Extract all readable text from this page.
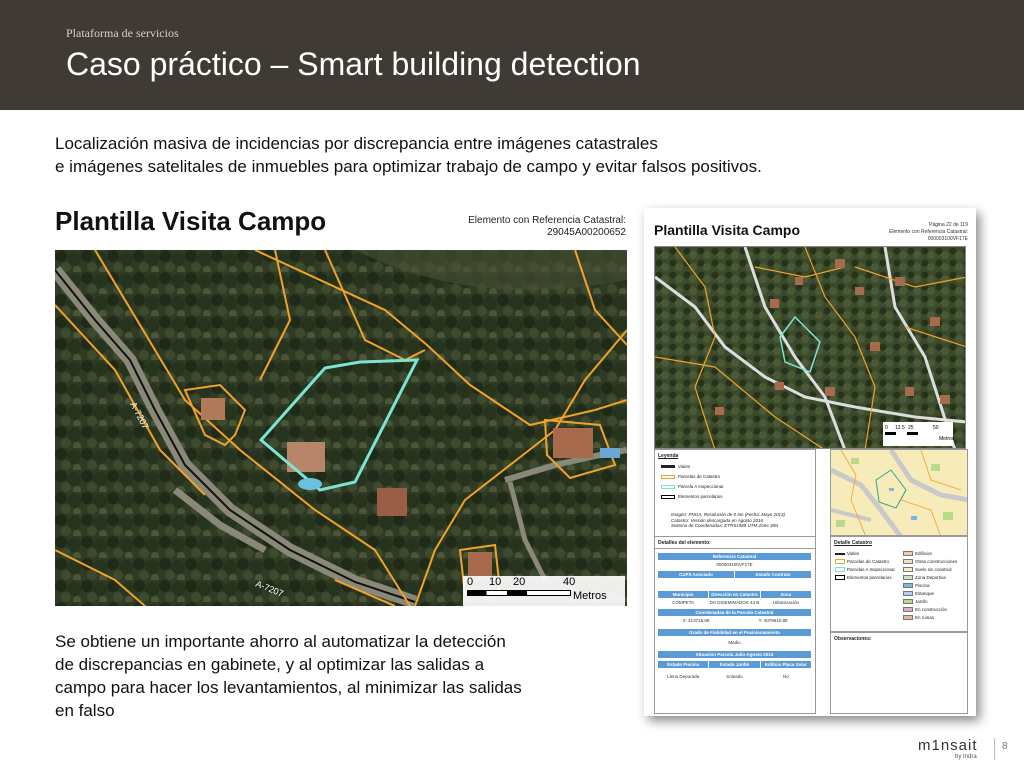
Plataforma de servicios
Caso práctico – Smart building detection
Localización masiva de incidencias por discrepancia entre imágenes catastrales
e imágenes satelitales de inmuebles para optimizar trabajo de campo y evitar falsos positivos.
Plantilla Visita Campo	Elemento con Referencia Catastral:
29045A00200652
A-7207
A-7207	0 10 20	40
Metros
Se obtiene un importante ahorro al automatizar la detección
de discrepancias en gabinete, y al optimizar las salidas a
campo para hacer los levantamientos, al minimizar las salidas
en falso
Plantilla Visita Campo	Página 22 de 119
Elemento con Referencia Catastral:
000003100VF17E
0 12.5 25	50
Metros
Leyenda
Viales
Parcelas de Catastro
Parcela A Inspeccionar
Elementos parcelarios
Imagen: PNOA, Resolución de 0.5m (Fecha: Mayo 2013)
Catastro: Versión descargada en Agosto 2016
Sistema de Coordenadas: ETRS1989 UTM Zone 30N
Detalles del elemento:
Referencia Catastral
000003100VF17E
CUPS Asociado	Estado Contrato
Municipio	Dirección en Catastro	Zona
CÓMPETA	DS DISEMINADOS 44 B	Urbanización
Coordenadas de la Parcela Catastral
X: 413715.88	Y: 4078610.88
Grado de Fiabilidad en el Posicionamiento
Medio
Situación Parcela Julio-Agosto 2015
Estado Piscina	Estado Jardín	Edificio Placa Solar
Llena Depurada	Soleado	No
Detalle Catastro
Viales
Parcelas de Catastro
Parcelas A Inspeccionar
Elementos parcelarios
Edificios
Otras construcciones
Suelo sin construir
Zona Deportiva
Piscina
Estanque
Jardín
En construcción
En ruinas
Observaciones:
m1nsait
by Indra
8
